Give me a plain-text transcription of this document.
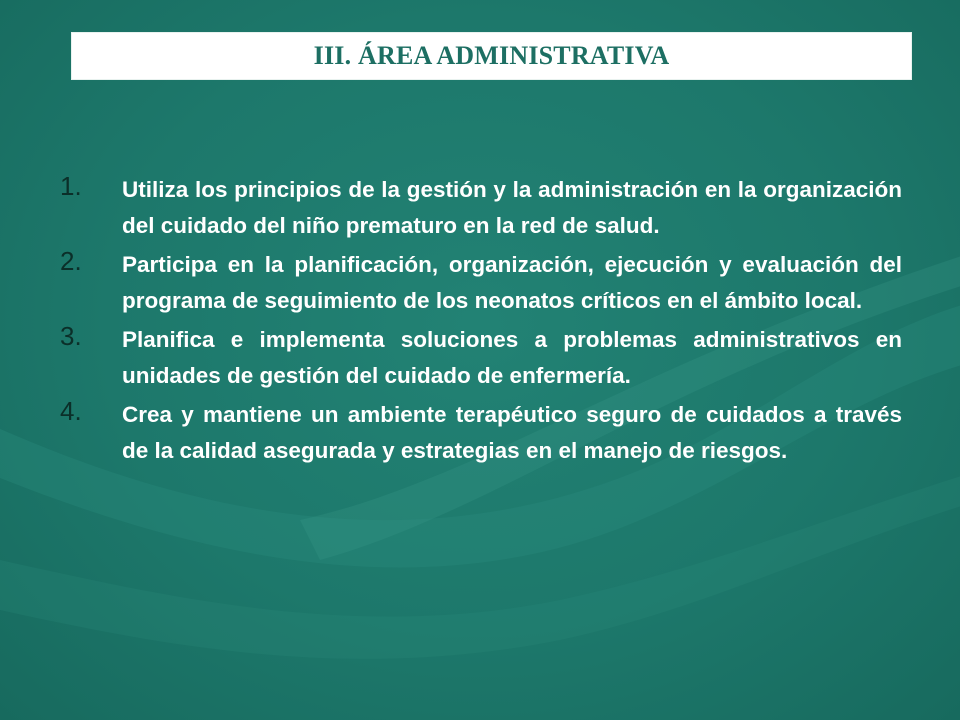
III. ÁREA ADMINISTRATIVA
1.	Utiliza los principios de la gestión y la administración en la organización del cuidado del niño prematuro en la red de salud.
2.	Participa en la planificación, organización, ejecución y evaluación del programa de seguimiento de los neonatos críticos en el ámbito local.
3.	Planifica e implementa soluciones a problemas administrativos en unidades de gestión del cuidado de enfermería.
4.	Crea y mantiene un ambiente terapéutico seguro de cuidados a través de la calidad asegurada y estrategias en el manejo de riesgos.
